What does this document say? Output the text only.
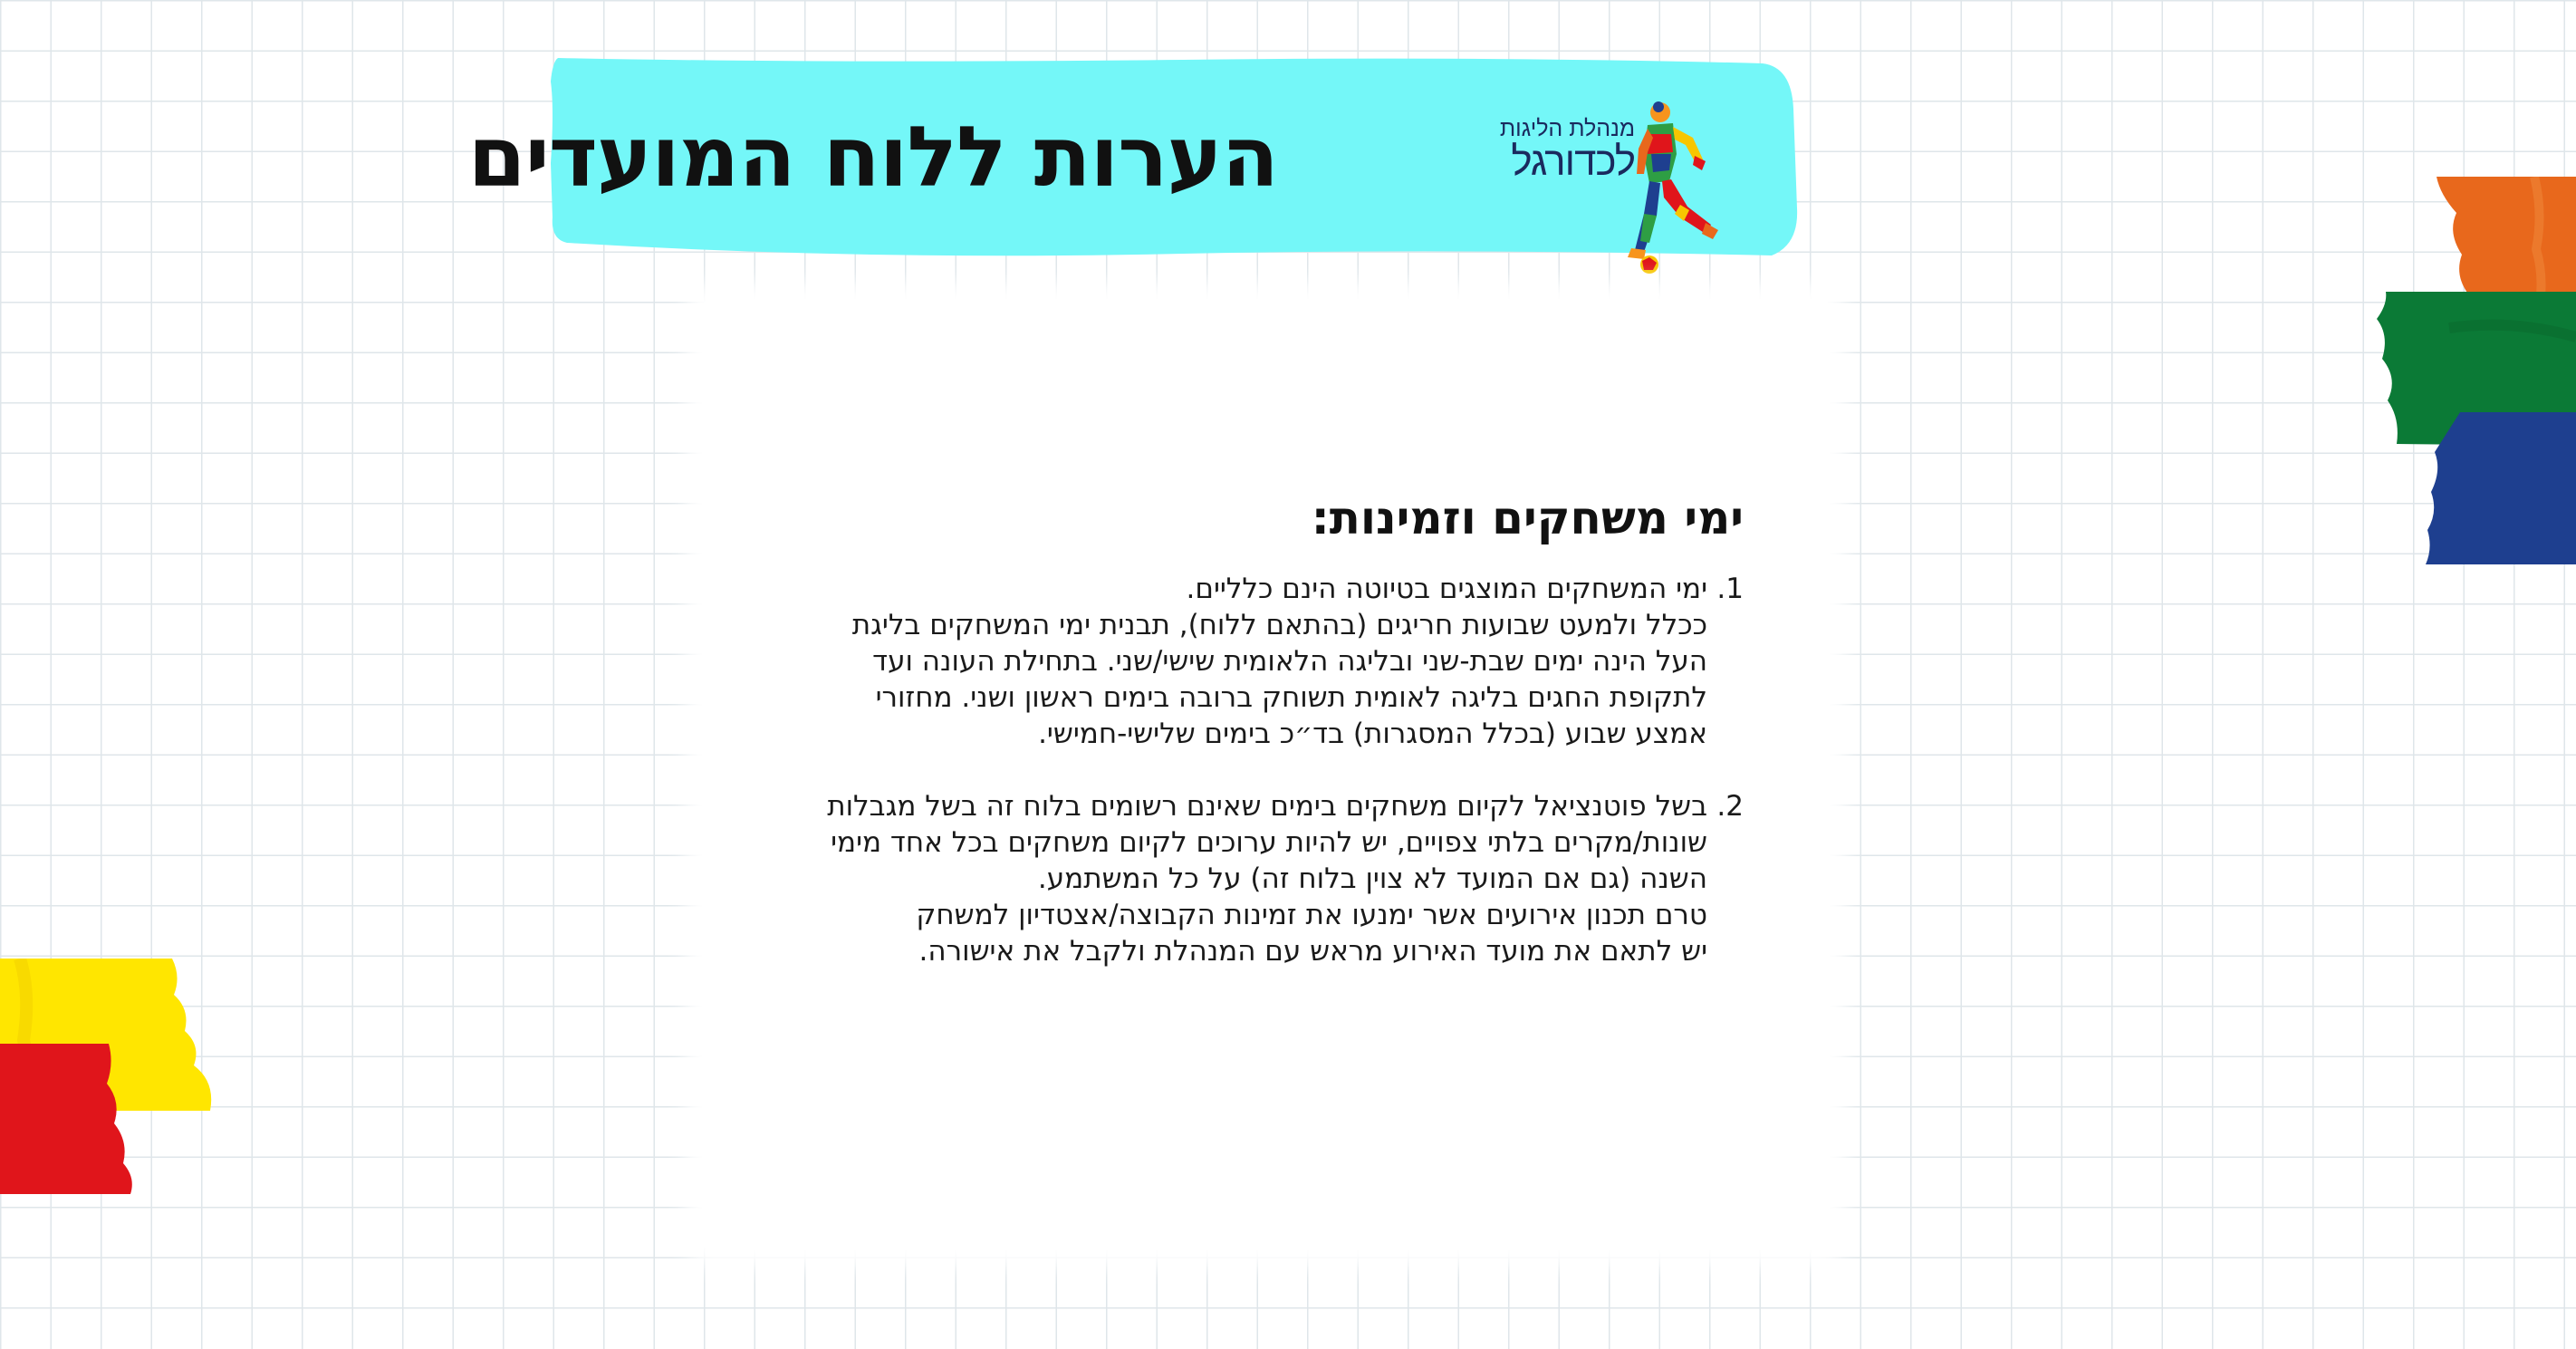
הערות ללוח המועדים	מנהלת הליגות
לכדורגל
ימי משחקים וזמינות:
1.ימי המשחקים המוצגים בטיוטה הינם כלליים.
ככלל ולמעט שבועות חריגים (בהתאם ללוח), תבנית ימי המשחקים בליגת
העל הינה ימים שבת-שני ובליגה הלאומית שישי/שני. בתחילת העונה ועד
לתקופת החגים בליגה לאומית תשוחק ברובה בימים ראשון ושני. מחזורי
אמצע שבוע (בכלל המסגרות) בד״כ בימים שלישי-חמישי.
2.בשל פוטנציאל לקיום משחקים בימים שאינם רשומים בלוח זה בשל מגבלות
שונות/מקרים בלתי צפויים, יש להיות ערוכים לקיום משחקים בכל אחד מימי
השנה (גם אם המועד לא צוין בלוח זה) על כל המשתמע.
טרם תכנון אירועים אשר ימנעו את זמינות הקבוצה/אצטדיון למשחק
יש לתאם את מועד האירוע מראש עם המנהלת ולקבל את אישורה.
